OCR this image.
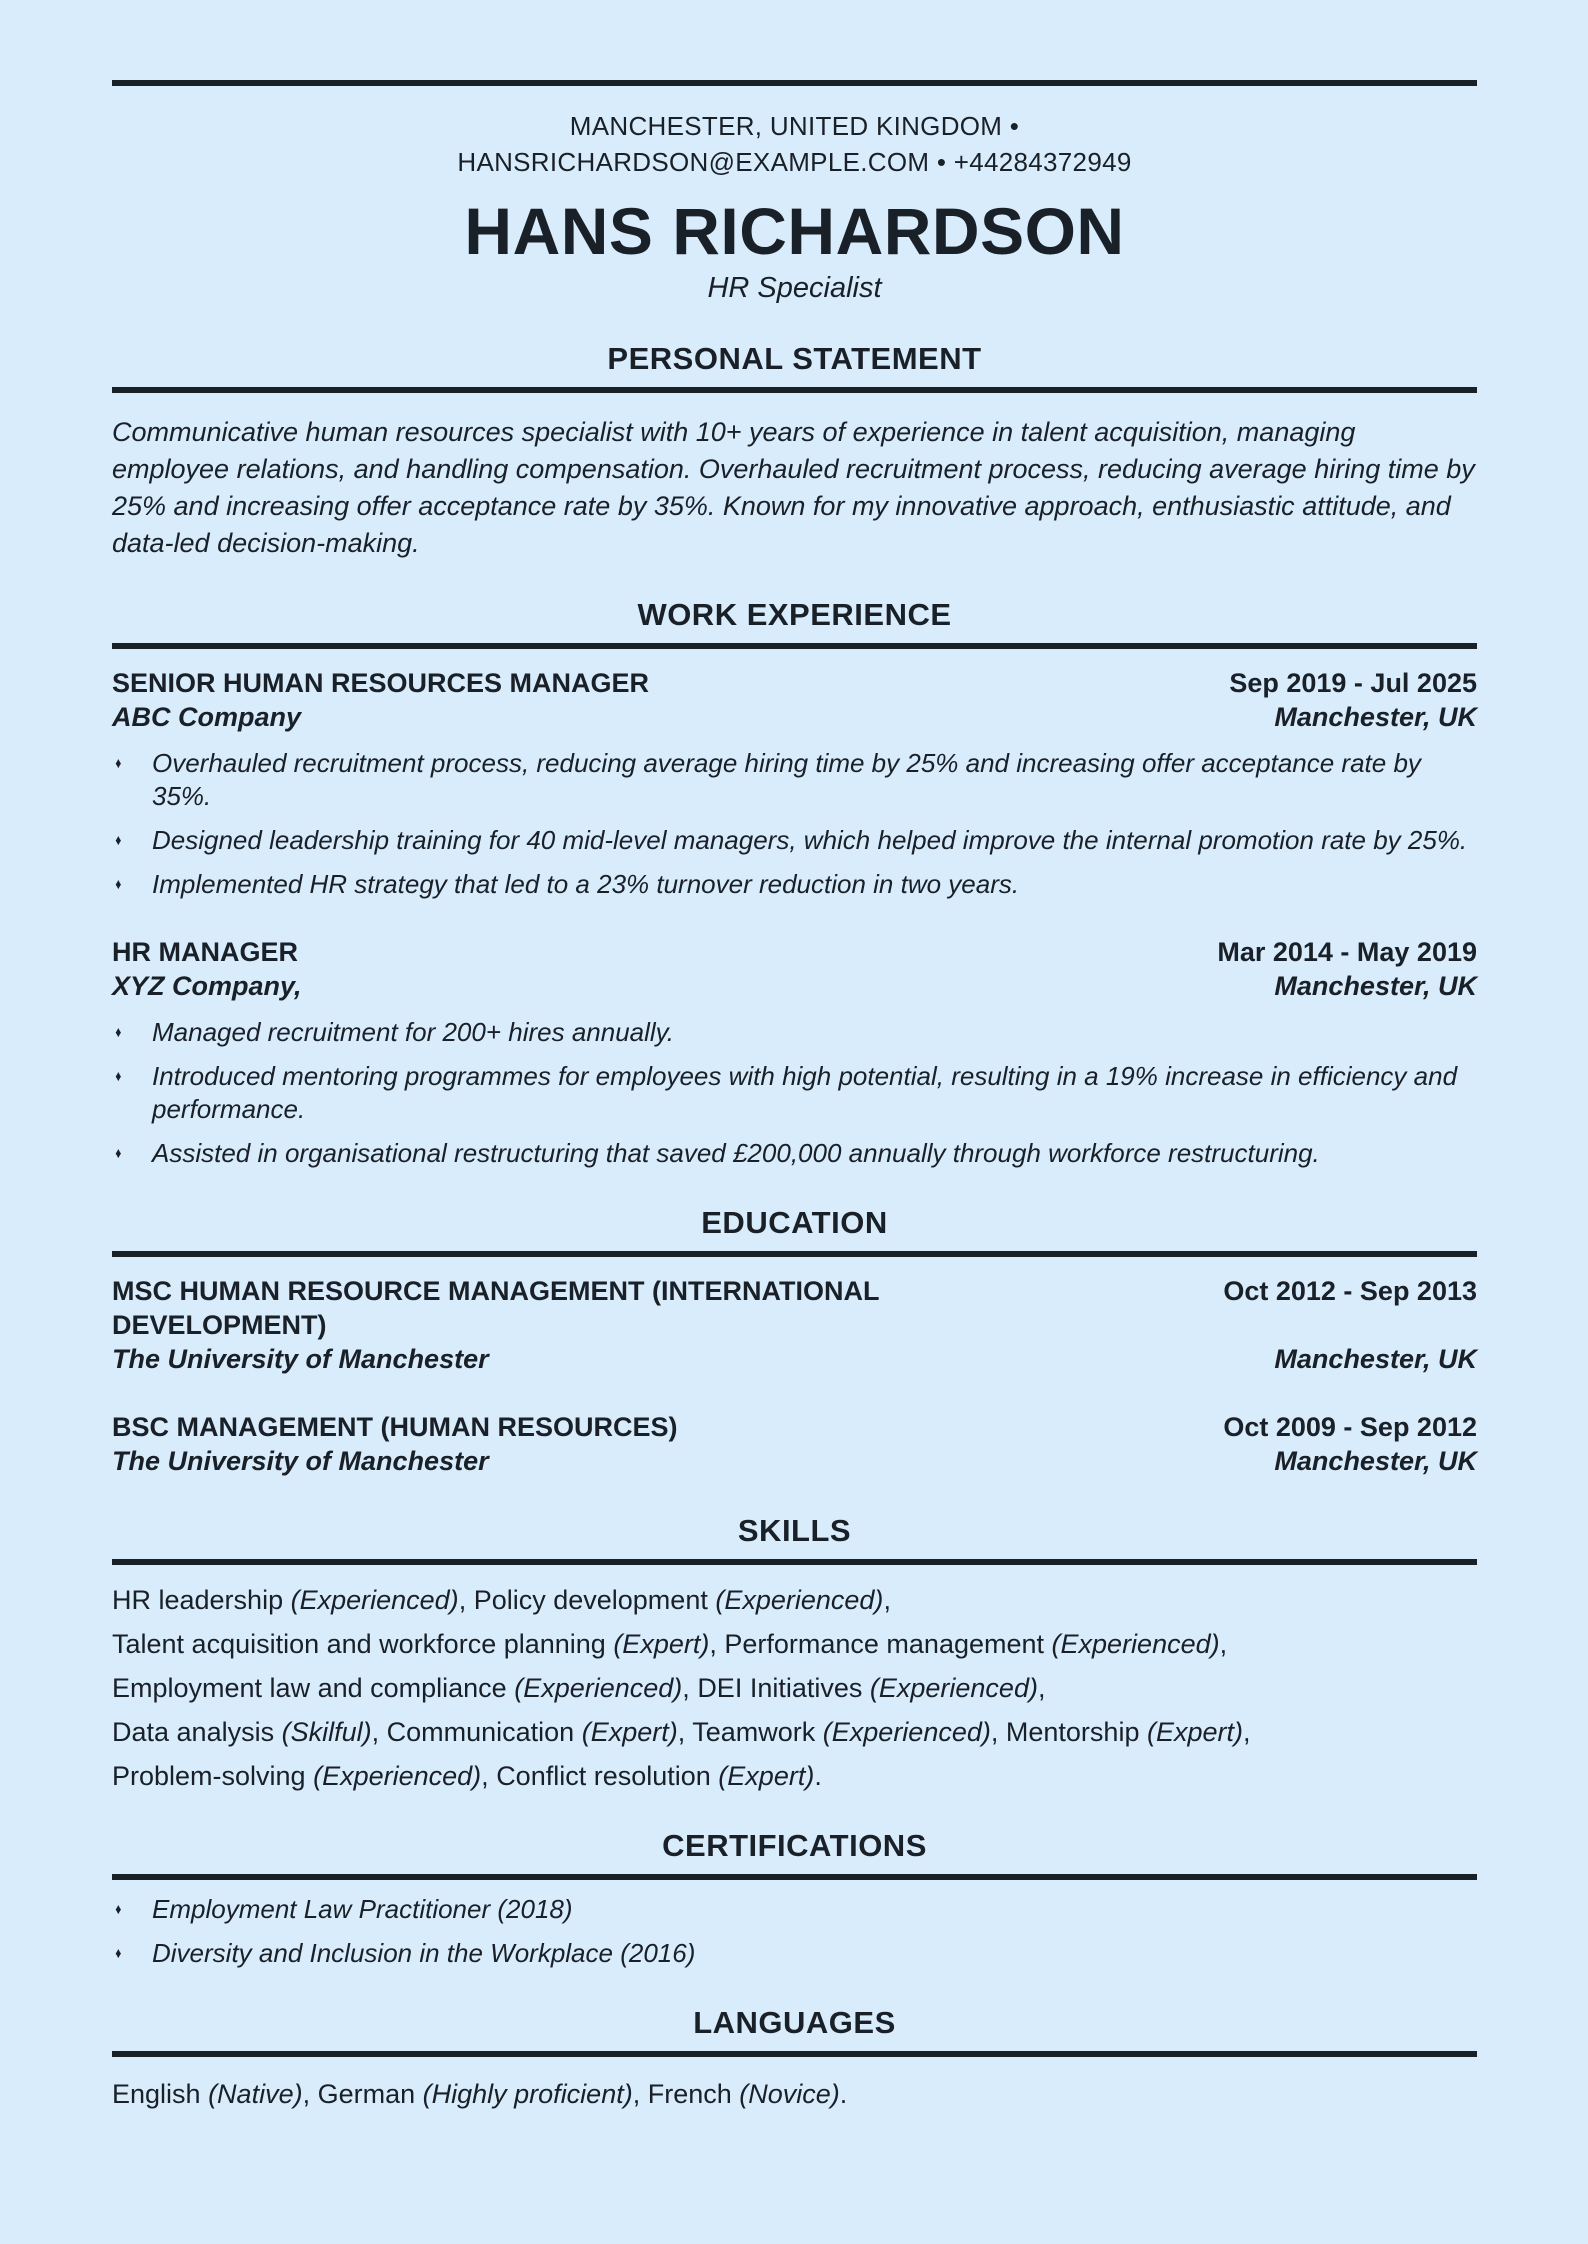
MANCHESTER, UNITED KINGDOM •
HANSRICHARDSON@EXAMPLE.COM • +44284372949
HANS RICHARDSON
HR Specialist
PERSONAL STATEMENT

Communicative human resources specialist with 10+ years of experience in talent acquisition, managing employee relations, and handling compensation. Overhauled recruitment process, reducing average hiring time by 25% and increasing offer acceptance rate by 35%. Known for my innovative approach, enthusiastic attitude, and data-led decision-making.

WORK EXPERIENCE
SENIOR HUMAN RESOURCES MANAGER	Sep 2019 - Jul 2025
ABC Company	Manchester, UK
♦	Overhauled recruitment process, reducing average hiring time by 25% and increasing offer acceptance rate by 35%.
♦	Designed leadership training for 40 mid-level managers, which helped improve the internal promotion rate by 25%.
♦	Implemented HR strategy that led to a 23% turnover reduction in two years.
HR MANAGER	Mar 2014 - May 2019
XYZ Company,	Manchester, UK
♦	Managed recruitment for 200+ hires annually.
♦	Introduced mentoring programmes for employees with high potential, resulting in a 19% increase in efficiency and performance.
♦	Assisted in organisational restructuring that saved £200,000 annually through workforce restructuring.
EDUCATION
MSC HUMAN RESOURCE MANAGEMENT (INTERNATIONAL DEVELOPMENT)
Oct 2012 - Sep 2013
The University of Manchester	Manchester, UK
BSC MANAGEMENT (HUMAN RESOURCES)	Oct 2009 - Sep 2012
The University of Manchester	Manchester, UK
SKILLS
HR leadership (Experienced), Policy development (Experienced),
Talent acquisition and workforce planning (Expert), Performance management (Experienced),
Employment law and compliance (Experienced), DEI Initiatives (Experienced),
Data analysis (Skilful), Communication (Expert), Teamwork (Experienced), Mentorship (Expert),
Problem-solving (Experienced), Conflict resolution (Expert).
CERTIFICATIONS
♦	Employment Law Practitioner (2018)
♦	Diversity and Inclusion in the Workplace (2016)
LANGUAGES
English (Native), German (Highly proficient), French (Novice).
